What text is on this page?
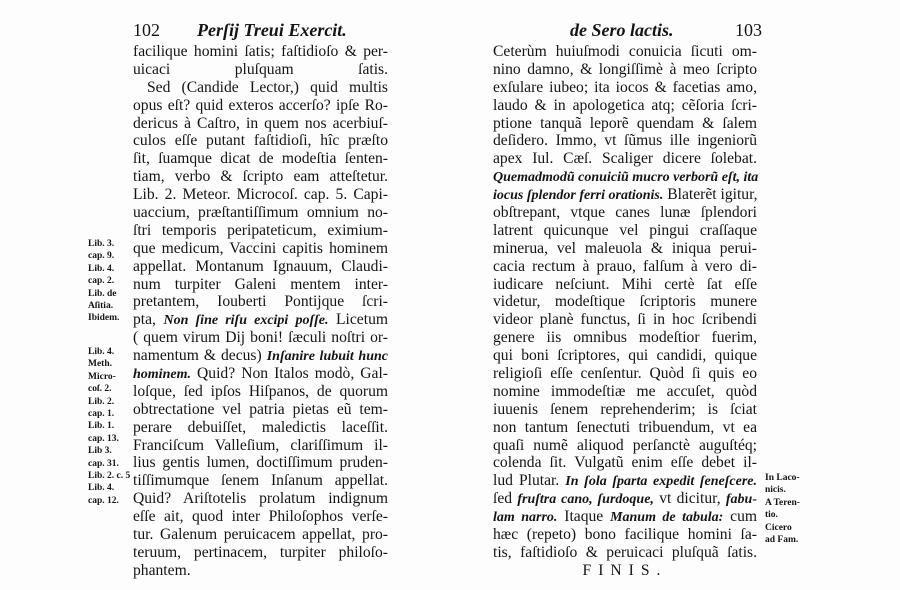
102 Perſij Treui Exercit.
facilique homini ſatis; faſtidioſo & per-
uicaci pluſquam ſatis.
Sed (Candide Lector,) quid multis
opus eſt? quid exteros accerſo? ipſe Ro-
dericus à Caſtro, in quem nos acerbiuſ-
culos eſſe putant faſtidioſi, hîc præſto
ſit, ſuamque dicat de modeſtia ſenten-
tiam, verbo & ſcripto eam atteſtetur.
Lib. 2. Meteor. Microcoſ. cap. 5. Capi-
uaccium, præſtantiſſimum omnium no-
ſtri temporis peripateticum, eximium-
que medicum, Vaccini capitis hominem
appellat. Montanum Ignauum, Claudi-
num turpiter Galeni mentem inter-
pretantem, Iouberti Pontijque ſcri-
pta, Non ſine riſu excipi poſſe. Licetum
( quem virum Dij boni! ſæculi noſtri or-
namentum & decus) Inſanire lubuit hunc
hominem. Quid? Non Italos modò, Gal-
loſque, ſed ipſos Hiſpanos, de quorum
obtrectatione vel patria pietas eũ tem-
perare debuiſſet, maledictis laceſſit.
Franciſcum Valleſium, clariſſimum il-
lius gentis lumen, doctiſſimum pruden-
tiſſimumque ſenem Inſanum appellat.
Quid? Ariſtotelis prolatum indignum
eſſe ait, quod inter Philoſophos verſe-
tur. Galenum peruicacem appellat, pro-
teruum, pertinacem, turpiter philoſo-
phantem.
Lib. 3.
cap. 9.
Lib. 4.
cap. 2.
Lib. de
Aſitia.
Ibidem.
Lib. 4.
Meth.
Micro-
coſ. 2.
Lib. 2.
cap. 1.
Lib. 1.
cap. 13.
Lib 3.
cap. 31.
Lib. 2. c. 5
Lib. 4.
cap. 12.
de Sero lactis.	103
Ceterùm huiuſmodi conuicia ſicuti om-
nino damno, & longiſſimè à meo ſcripto
exſulare iubeo; ita iocos & facetias amo,
laudo & in apologetica atq; cẽſoria ſcri-
ptione tanquã leporẽ quendam & ſalem
deſidero. Immo, vt ſũmus ille ingeniorũ
apex Iul. Cæſ. Scaliger dicere ſolebat.
Quemadmodũ conuiciũ mucro verborũ eſt, ita
iocus ſplendor ferri orationis. Blaterẽt igitur,
obſtrepant, vtque canes lunæ ſplendori
latrent quicunque vel pingui craſſaque
minerua, vel maleuola & iniqua perui-
cacia rectum à prauo, falſum à vero di-
iudicare neſciunt. Mihi certè ſat eſſe
videtur, modeſtique ſcriptoris munere
videor planè functus, ſi in hoc ſcribendi
genere iis omnibus modeſtior fuerim,
qui boni ſcriptores, qui candidi, quique
religioſi eſſe cenſentur. Quòd ſi quis eo
nomine immodeſtiæ me accuſet, quòd
iuuenis ſenem reprehenderim; is ſciat
non tantum ſenectuti tribuendum, vt ea
quaſi numẽ aliquod perſanctè auguſtéq;
colenda ſit. Vulgatũ enim eſſe debet il-
lud Plutar. In ſola ſparta expedit ſeneſcere.
ſed fruſtra cano, ſurdoque, vt dicitur, fabu-
lam narro. Itaque Manum de tabula: cum
hæc (repeto) bono facilique homini ſa-
tis, faſtidioſo & peruicaci pluſquã ſatis.
FINIS.
In Laco-
nicis.
A Teren-
tio.
Cicero
ad Fam.
